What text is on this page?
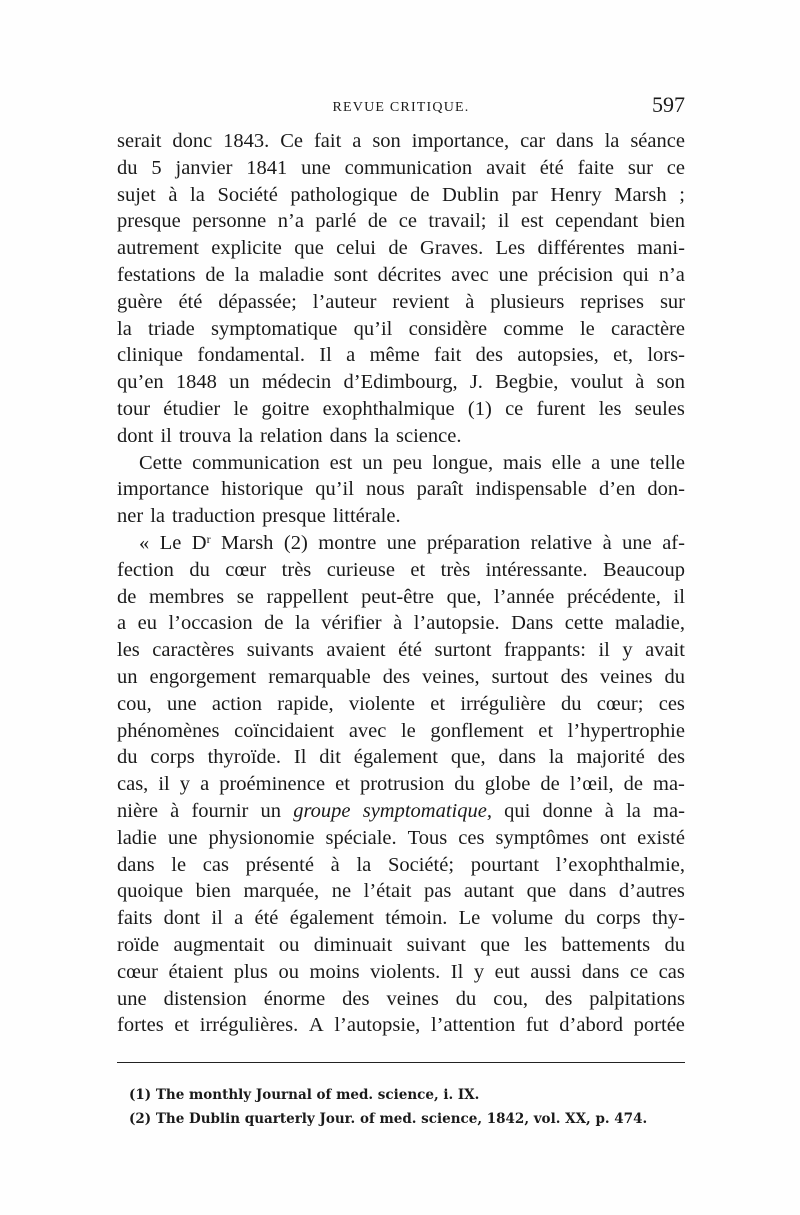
REVUE CRITIQUE.	597
serait donc 1843. Ce fait a son importance, car dans la séance
du 5 janvier 1841 une communication avait été faite sur ce
sujet à la Société pathologique de Dublin par Henry Marsh ;
presque personne n’a parlé de ce travail; il est cependant bien
autrement explicite que celui de Graves. Les différentes mani-
festations de la maladie sont décrites avec une précision qui n’a
guère été dépassée; l’auteur revient à plusieurs reprises sur
la triade symptomatique qu’il considère comme le caractère
clinique fondamental. Il a même fait des autopsies, et, lors-
qu’en 1848 un médecin d’Edimbourg, J. Begbie, voulut à son
tour étudier le goitre exophthalmique (1) ce furent les seules
dont il trouva la relation dans la science.
Cette communication est un peu longue, mais elle a une telle
importance historique qu’il nous paraît indispensable d’en don-
ner la traduction presque littérale.
« Le $D^r$ Marsh (2) montre une préparation relative à une af-
fection du cœur très curieuse et très intéressante. Beaucoup
de membres se rappellent peut-être que, l’année précédente, il
a eu l’occasion de la vérifier à l’autopsie. Dans cette maladie,
les caractères suivants avaient été surtont frappants: il y avait
un engorgement remarquable des veines, surtout des veines du
cou, une action rapide, violente et irrégulière du cœur; ces
phénomènes coïncidaient avec le gonflement et l’hypertrophie
du corps thyroïde. Il dit également que, dans la majorité des
cas, il y a proéminence et protrusion du globe de l’œil, de ma-
nière à fournir un groupe symptomatique, qui donne à la ma-
ladie une physionomie spéciale. Tous ces symptômes ont existé
dans le cas présenté à la Société; pourtant l’exophthalmie,
quoique bien marquée, ne l’était pas autant que dans d’autres
faits dont il a été également témoin. Le volume du corps thy-
roïde augmentait ou diminuait suivant que les battements du
cœur étaient plus ou moins violents. Il y eut aussi dans ce cas
une distension énorme des veines du cou, des palpitations
fortes et irrégulières. A l’autopsie, l’attention fut d’abord portée
(1) The monthly Journal of med. science, i. IX.
(2) The Dublin quarterly Jour. of med. science, 1842, vol. XX, p. 474.
